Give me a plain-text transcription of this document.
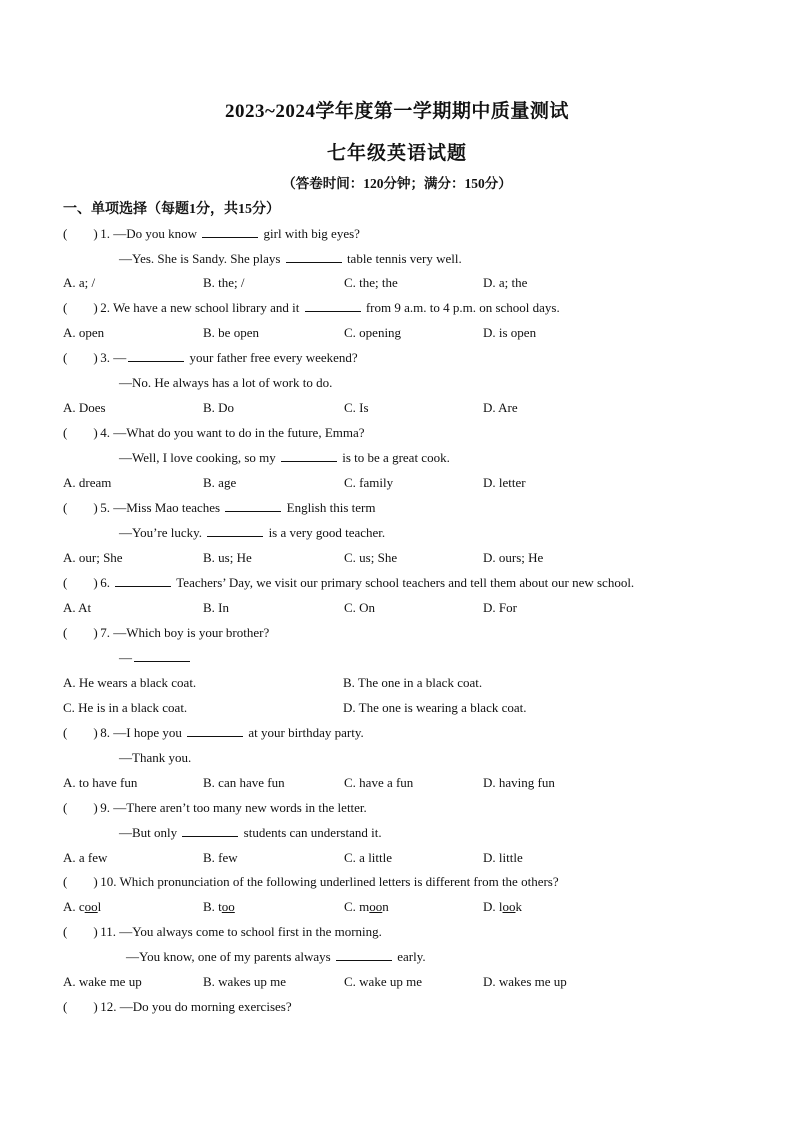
2023~2024学年度第一学期期中质量测试
七年级英语试题
（答卷时间：120分钟；满分：150分）
一、单项选择（每题1分，共15分）
(　　) 1. —Do you know	girl with big eyes?
—Yes. She is Sandy. She plays	table tennis very well.
A. a; /	B. the; /	C. the; the	D. a; the
(　　) 2. We have a new school library and it	from 9 a.m. to 4 p.m. on school days.
A. open	B. be open	C. opening	D. is open
(　　) 3. —	your father free every weekend?
—No. He always has a lot of work to do.
A. Does	B. Do	C. Is	D. Are
(　　) 4. —What do you want to do in the future, Emma?
—Well, I love cooking, so my	is to be a great cook.
A. dream	B. age	C. family	D. letter
(　　) 5. —Miss Mao teaches	English this term
—You’re lucky.	is a very good teacher.
A. our; She	B. us; He	C. us; She	D. ours; He
(　　) 6.	Teachers’ Day, we visit our primary school teachers and tell them about our new school.
A. At	B. In	C. On	D. For
(　　) 7. —Which boy is your brother?
—
A. He wears a black coat.	B. The one in a black coat.
C. He is in a black coat.	D. The one is wearing a black coat.
(　　) 8. —I hope you	at your birthday party.
—Thank you.
A. to have fun	B. can have fun	C. have a fun	D. having fun
(　　) 9. —There aren’t too many new words in the letter.
—But only	students can understand it.
A. a few	B. few	C. a little	D. little
(　　) 10. Which pronunciation of the following underlined letters is different from the others?
A. cool	B. too	C. moon	D. look
(　　) 11. —You always come to school first in the morning.
—You know, one of my parents always	early.
A. wake me up	B. wakes up me	C. wake up me	D. wakes me up
(　　) 12. —Do you do morning exercises?
